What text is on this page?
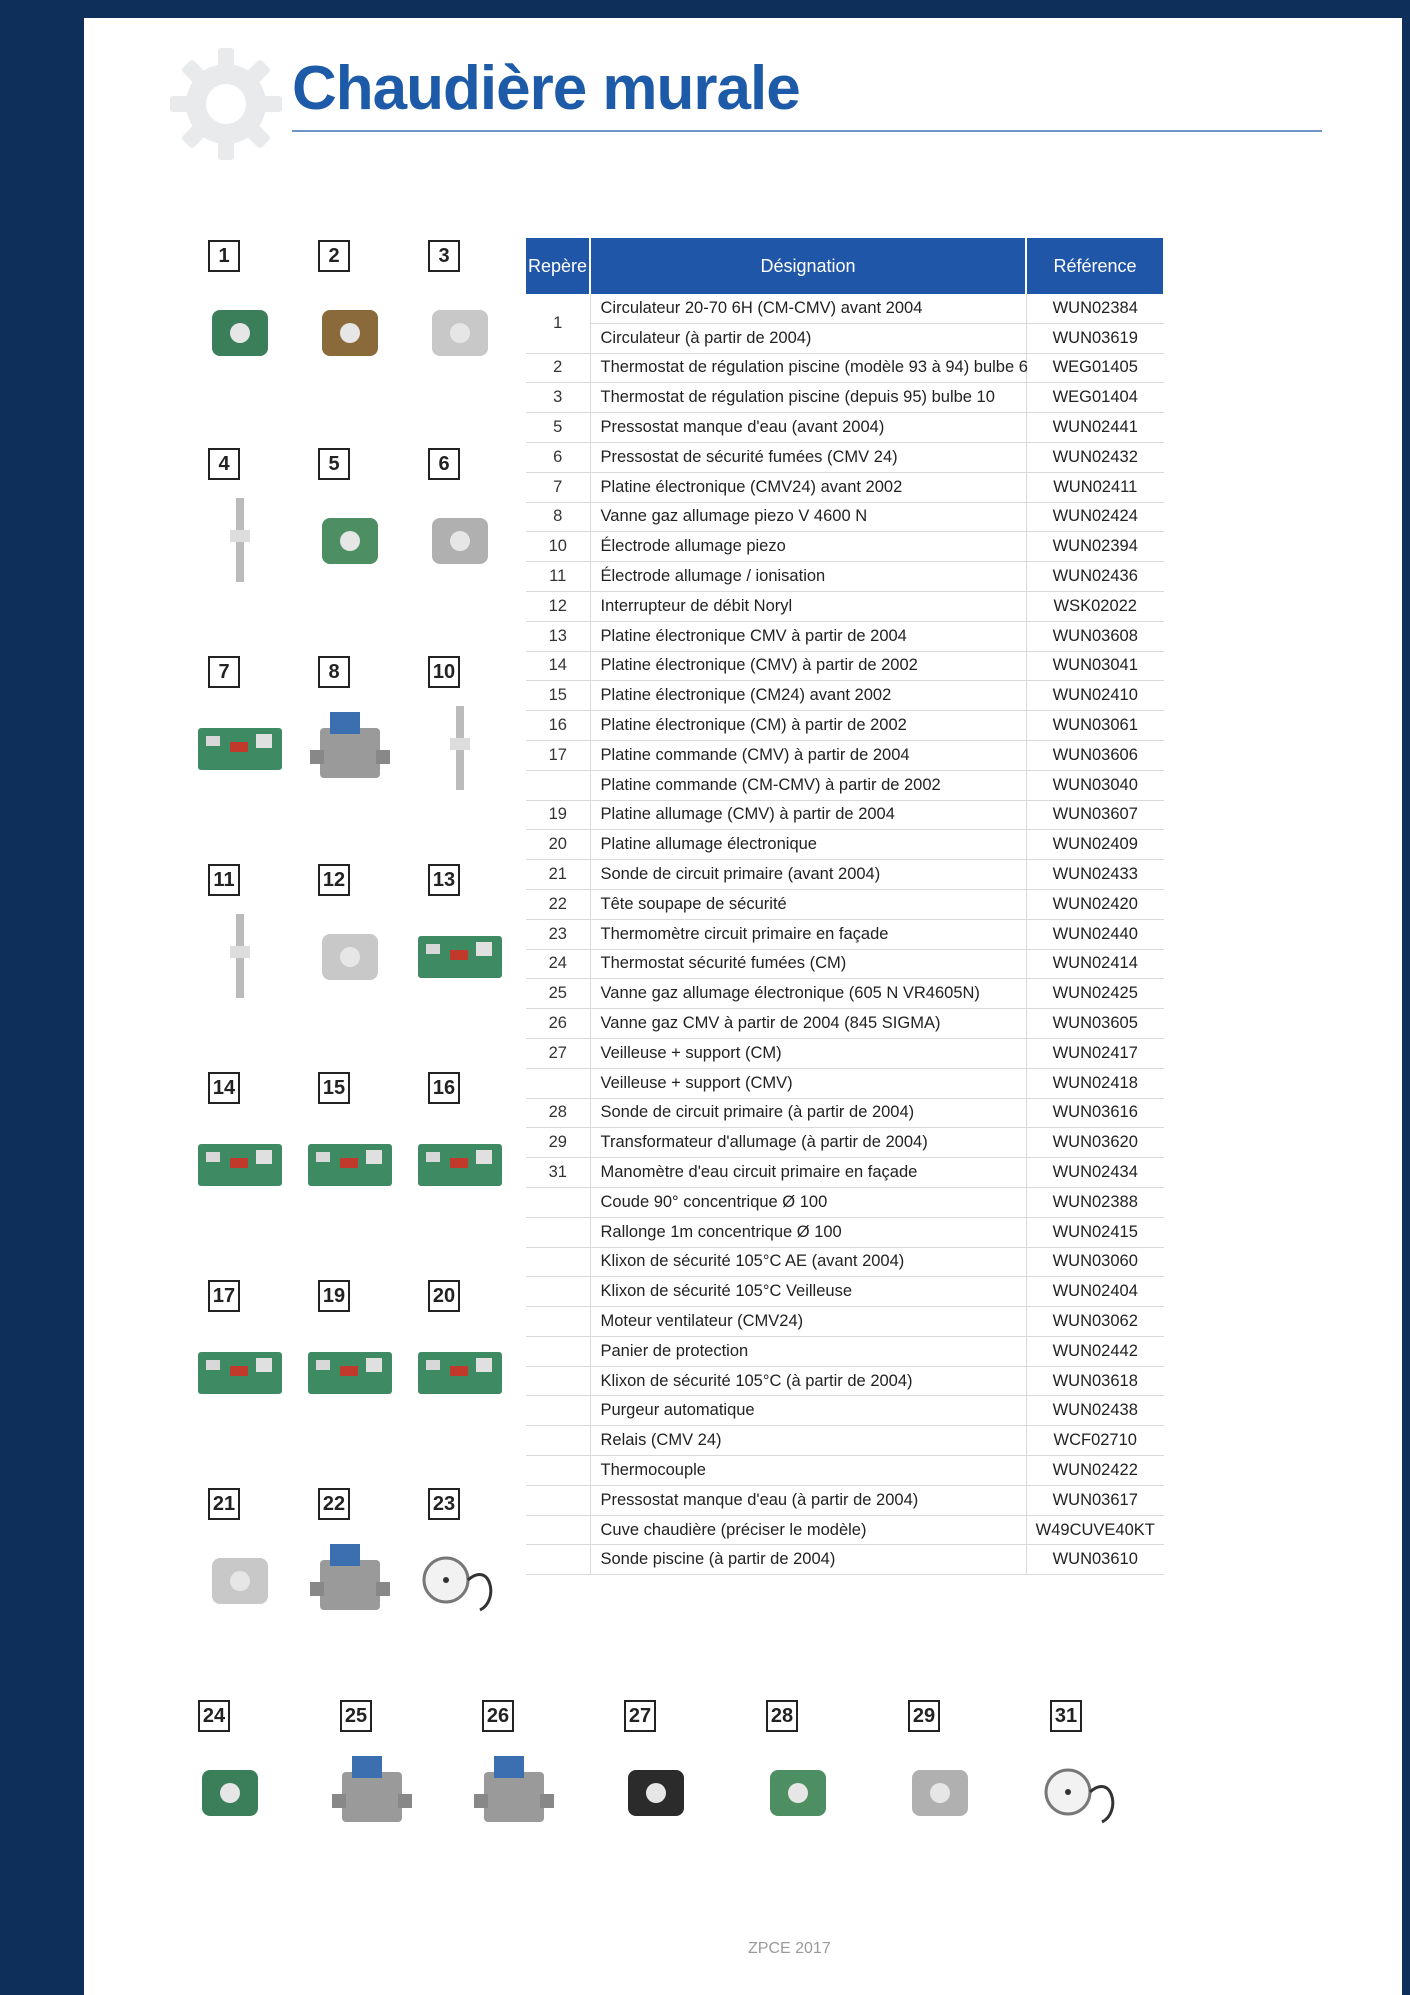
Chaudière murale
1	2	3
4	5	6
7	8	10
11	12	13
14	15	16
17	19	20
21	22	23
Repère	Désignation	Référence
1	Circulateur 20-70 6H (CM-CMV) avant 2004	WUN02384
	Circulateur (à partir de 2004)	WUN03619
2	Thermostat de régulation piscine (modèle 93 à 94) bulbe 6	WEG01405
3	Thermostat de régulation piscine (depuis 95) bulbe 10	WEG01404
5	Pressostat manque d'eau (avant 2004)	WUN02441
6	Pressostat de sécurité fumées (CMV 24)	WUN02432
7	Platine électronique (CMV24) avant 2002	WUN02411
8	Vanne gaz allumage piezo V 4600 N	WUN02424
10	Électrode allumage piezo	WUN02394
11	Électrode allumage / ionisation	WUN02436
12	Interrupteur de débit Noryl	WSK02022
13	Platine électronique CMV à partir de 2004	WUN03608
14	Platine électronique (CMV) à partir de 2002	WUN03041
15	Platine électronique (CM24) avant 2002	WUN02410
16	Platine électronique (CM) à partir de 2002	WUN03061
17	Platine commande (CMV) à partir de 2004	WUN03606
	Platine commande (CM-CMV) à partir de 2002	WUN03040
19	Platine allumage (CMV) à partir de 2004	WUN03607
20	Platine allumage électronique	WUN02409
21	Sonde de circuit primaire (avant 2004)	WUN02433
22	Tête soupape de sécurité	WUN02420
23	Thermomètre circuit primaire en façade	WUN02440
24	Thermostat sécurité fumées (CM)	WUN02414
25	Vanne gaz allumage électronique (605 N VR4605N)	WUN02425
26	Vanne gaz CMV à partir de 2004 (845 SIGMA)	WUN03605
27	Veilleuse + support (CM)	WUN02417
	Veilleuse + support (CMV)	WUN02418
28	Sonde de circuit primaire (à partir de 2004)	WUN03616
29	Transformateur d'allumage (à partir de 2004)	WUN03620
31	Manomètre d'eau circuit primaire en façade	WUN02434
	Coude 90° concentrique Ø 100	WUN02388
	Rallonge 1m concentrique Ø 100	WUN02415
	Klixon de sécurité 105°C AE (avant 2004)	WUN03060
	Klixon de sécurité 105°C Veilleuse	WUN02404
	Moteur ventilateur (CMV24)	WUN03062
	Panier de protection	WUN02442
	Klixon de sécurité 105°C (à partir de 2004)	WUN03618
	Purgeur automatique	WUN02438
	Relais (CMV 24)	WCF02710
	Thermocouple	WUN02422
	Pressostat manque d'eau (à partir de 2004)	WUN03617
	Cuve chaudière (préciser le modèle)	W49CUVE40KT
	Sonde piscine (à partir de 2004)	WUN03610
24	25	26	27	28	29	31
ZPCE 2017
